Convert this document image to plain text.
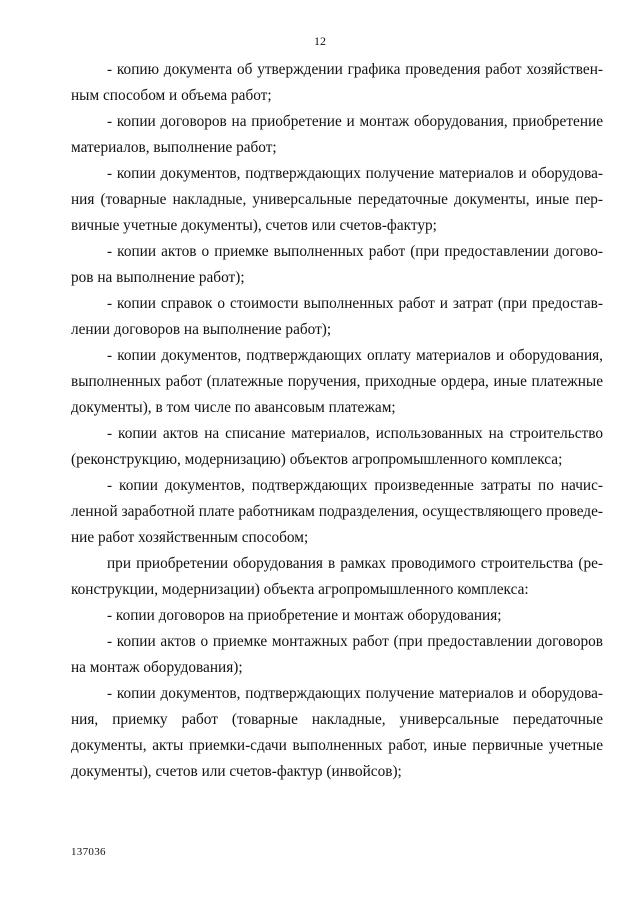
12

- копию документа об утверждении графика проведения работ хозяйственным способом и объема работ;

- копии договоров на приобретение и монтаж оборудования, приобретение материалов, выполнение работ;

- копии документов, подтверждающих получение материалов и оборудования (товарные накладные, универсальные передаточные документы, иные первичные учетные документы), счетов или счетов-фактур;

- копии актов о приемке выполненных работ (при предоставлении договоров на выполнение работ);

- копии справок о стоимости выполненных работ и затрат (при предоставлении договоров на выполнение работ);

- копии документов, подтверждающих оплату материалов и оборудования, выполненных работ (платежные поручения, приходные ордера, иные платежные документы), в том числе по авансовым платежам;

- копии актов на списание материалов, использованных на строительство (реконструкцию, модернизацию) объектов агропромышленного комплекса;

- копии документов, подтверждающих произведенные затраты по начисленной заработной плате работникам подразделения, осуществляющего проведение работ хозяйственным способом;

при приобретении оборудования в рамках проводимого строительства (реконструкции, модернизации) объекта агропромышленного комплекса:

- копии договоров на приобретение и монтаж оборудования;

- копии актов о приемке монтажных работ (при предоставлении договоров на монтаж оборудования);

- копии документов, подтверждающих получение материалов и оборудования, приемку работ (товарные накладные, универсальные передаточные документы, акты приемки-сдачи выполненных работ, иные первичные учетные документы), счетов или счетов-фактур (инвойсов);

137036
